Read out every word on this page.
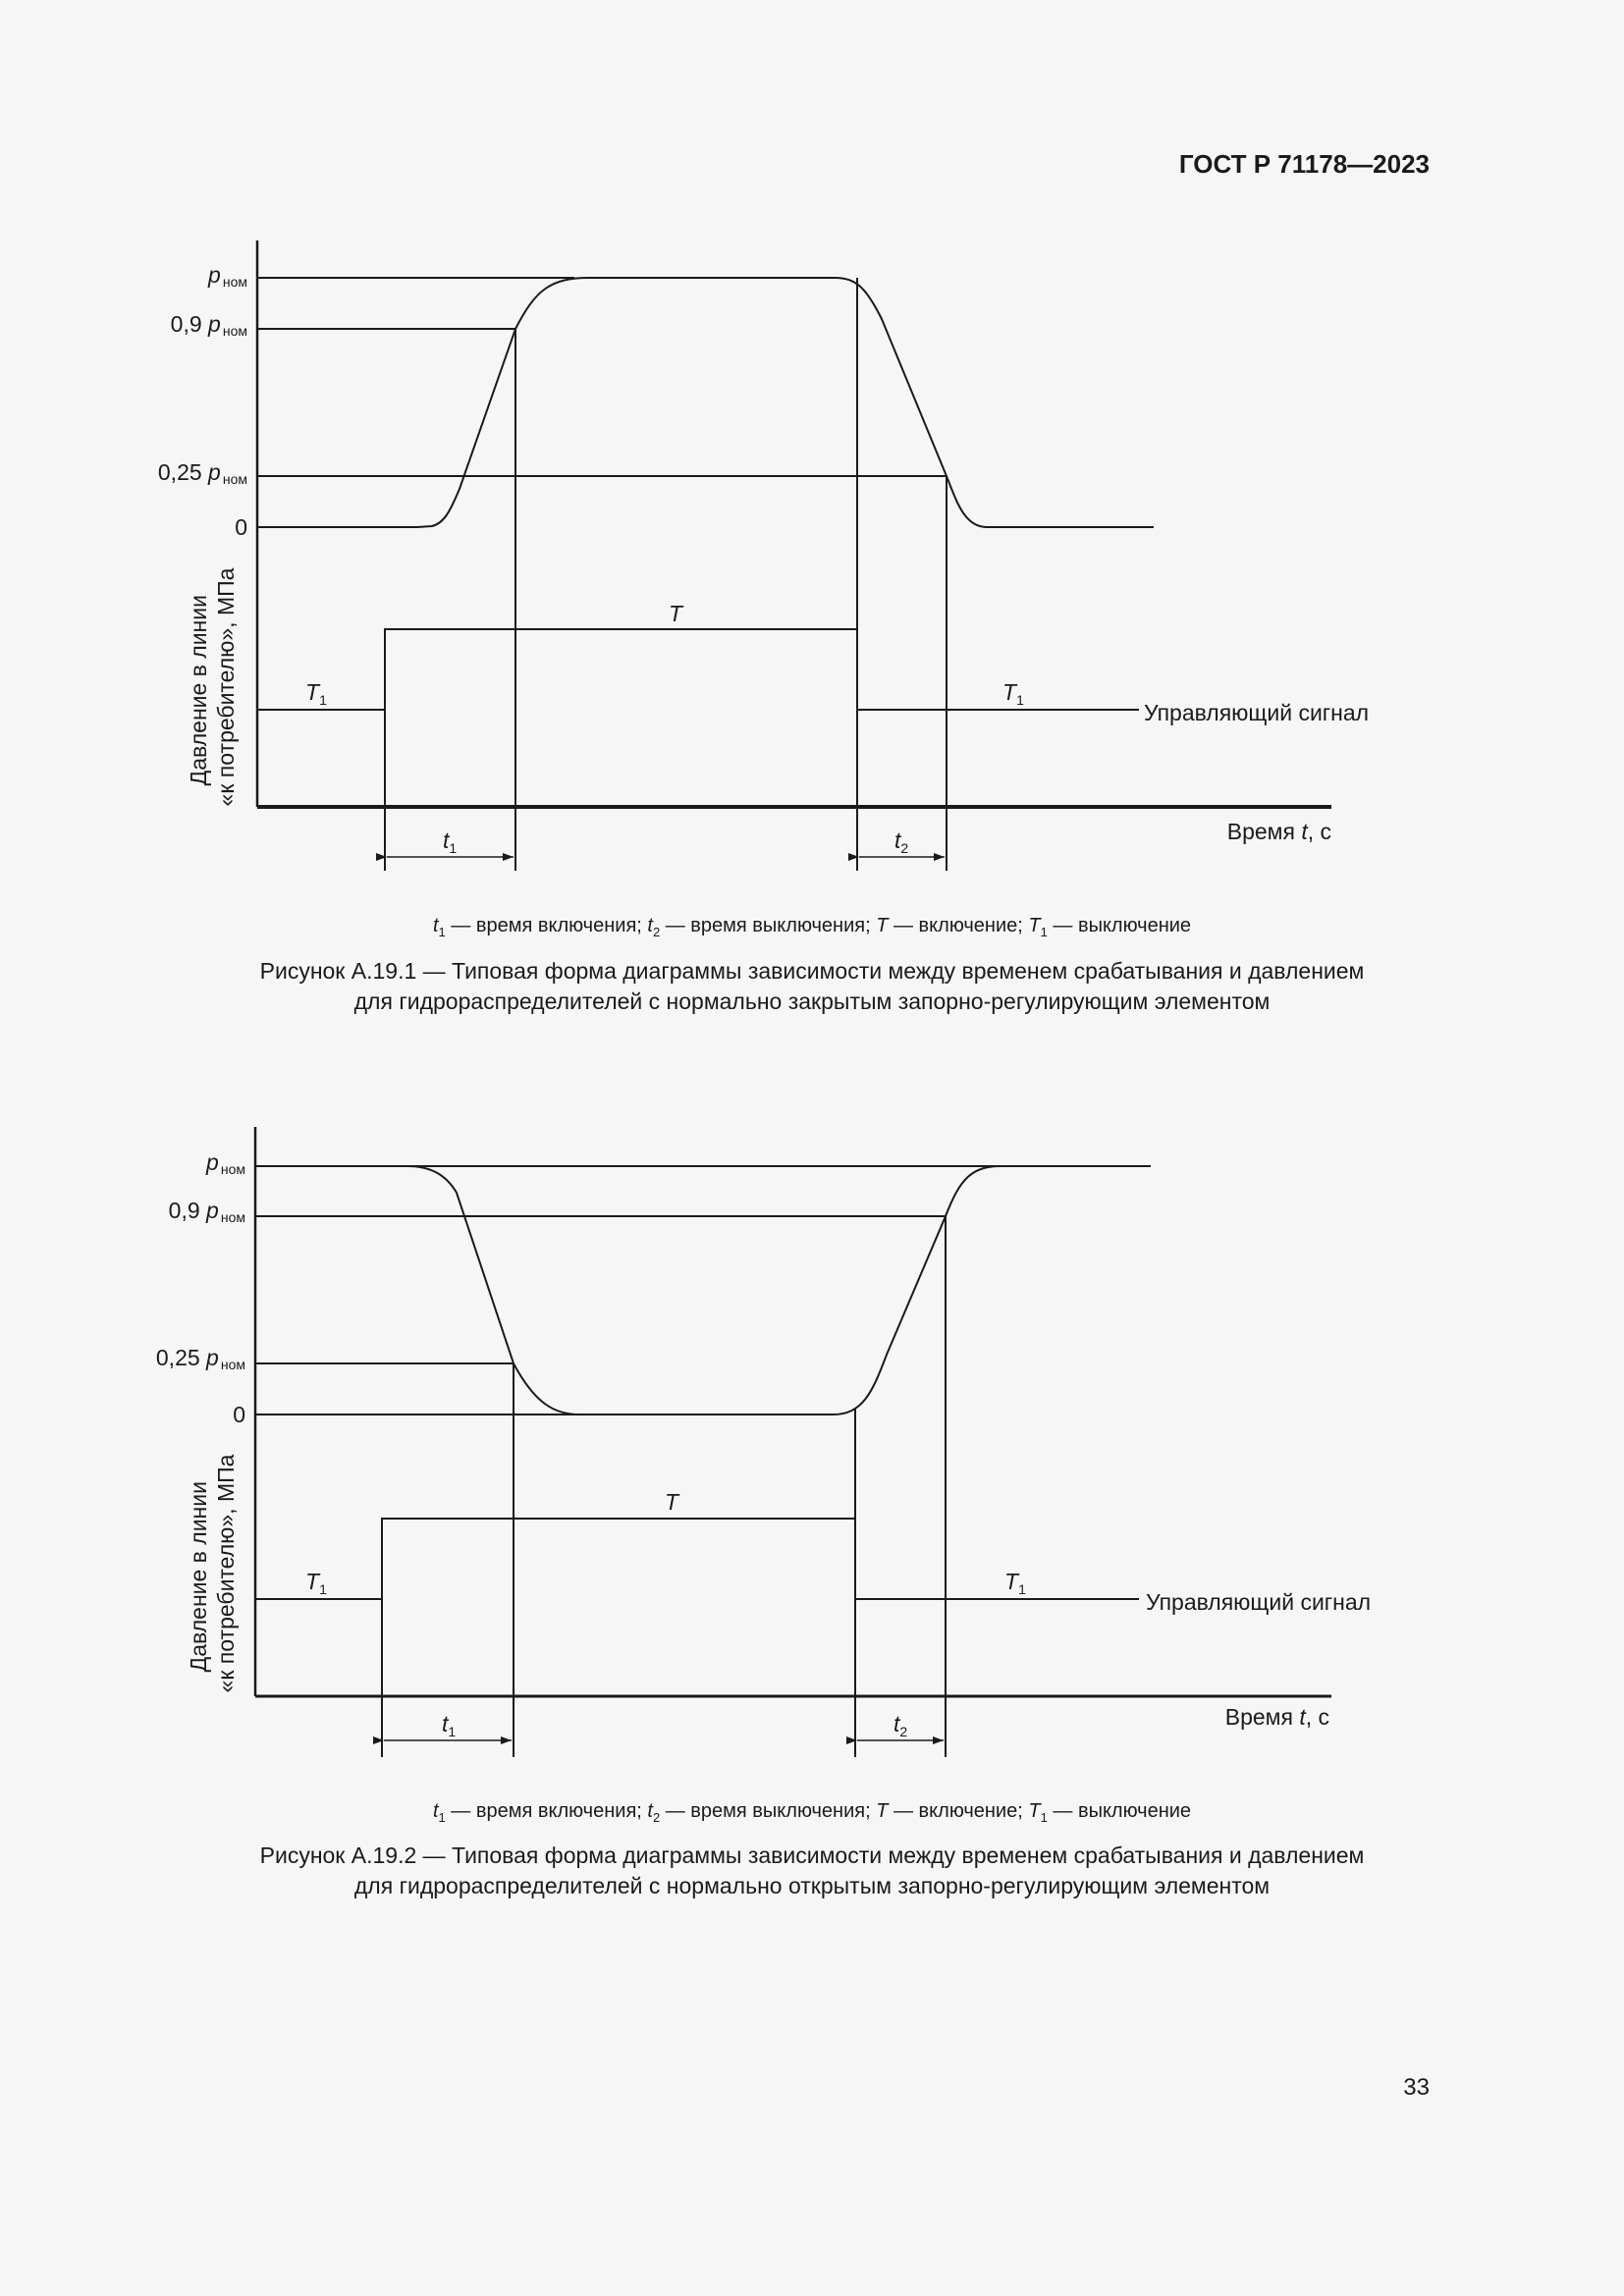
ГОСТ Р 71178—2023
pном
0,9 p ном
0,25 p ном
0
Давление в линии «к потребителю», МПа	T
$T_1$	$T_1$	Управляющий сигнал
Время t, с
$t_1$	$t_2$
$t_1$ — время включения; $t_2$ — время выключения; T — включение; $T_1$ — выключение
Рисунок А.19.1 — Типовая форма диаграммы зависимости между временем срабатывания и давлением
для гидрораспределителей с нормально закрытым запорно-регулирующим элементом
pном
0,9 p ном
0,25 p ном
0
Давление в линии «к потребителю», МПа	T
$T_1$	$T_1$	Управляющий сигнал
Время t, с
$t_1$	$t_2$
$t_1$ — время включения; $t_2$ — время выключения; T — включение; $T_1$ — выключение
Рисунок А.19.2 — Типовая форма диаграммы зависимости между временем срабатывания и давлением
для гидрораспределителей с нормально открытым запорно-регулирующим элементом
33
